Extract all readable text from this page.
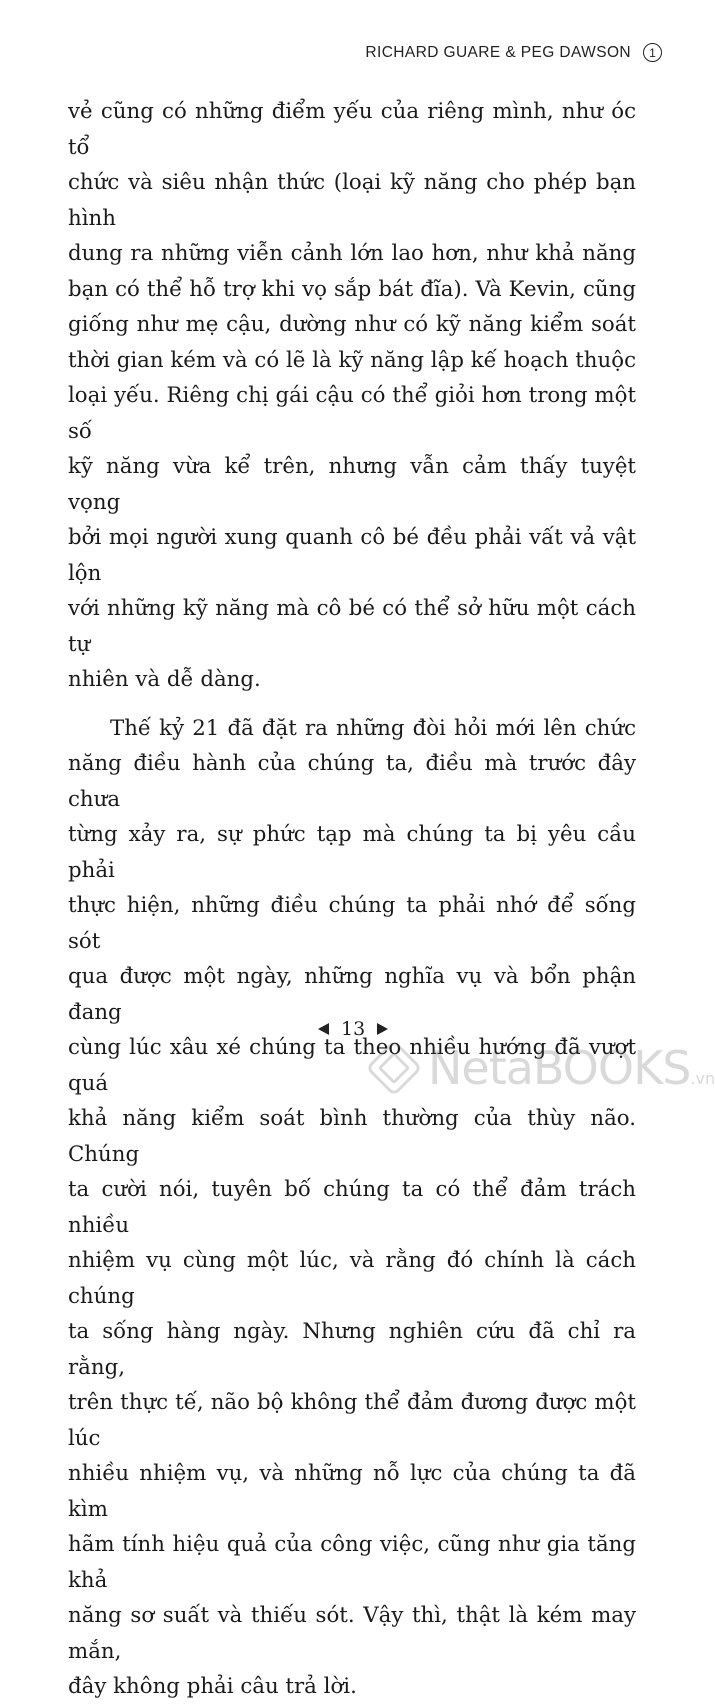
RICHARD GUARE & PEG DAWSON	1
vẻ cũng có những điểm yếu của riêng mình, như óc tổ
chức và siêu nhận thức (loại kỹ năng cho phép bạn hình
dung ra những viễn cảnh lớn lao hơn, như khả năng
bạn có thể hỗ trợ khi vọ sắp bát đĩa). Và Kevin, cũng
giống như mẹ cậu, dường như có kỹ năng kiểm soát
thời gian kém và có lẽ là kỹ năng lập kế hoạch thuộc
loại yếu. Riêng chị gái cậu có thể giỏi hơn trong một số
kỹ năng vừa kể trên, nhưng vẫn cảm thấy tuyệt vọng
bởi mọi người xung quanh cô bé đều phải vất vả vật lộn
với những kỹ năng mà cô bé có thể sở hữu một cách tự
nhiên và dễ dàng.
Thế kỷ 21 đã đặt ra những đòi hỏi mới lên chức
năng điều hành của chúng ta, điều mà trước đây chưa
từng xảy ra, sự phức tạp mà chúng ta bị yêu cầu phải
thực hiện, những điều chúng ta phải nhớ để sống sót
qua được một ngày, những nghĩa vụ và bổn phận đang
cùng lúc xâu xé chúng ta theo nhiều hướng đã vượt quá
khả năng kiểm soát bình thường của thùy não. Chúng
ta cười nói, tuyên bố chúng ta có thể đảm trách nhiều
nhiệm vụ cùng một lúc, và rằng đó chính là cách chúng
ta sống hàng ngày. Nhưng nghiên cứu đã chỉ ra rằng,
trên thực tế, não bộ không thể đảm đương được một lúc
nhiều nhiệm vụ, và những nỗ lực của chúng ta đã kìm
hãm tính hiệu quả của công việc, cũng như gia tăng khả
năng sơ suất và thiếu sót. Vậy thì, thật là kém may mắn,
đây không phải câu trả lời.
13
NetaBOOKS.vn
